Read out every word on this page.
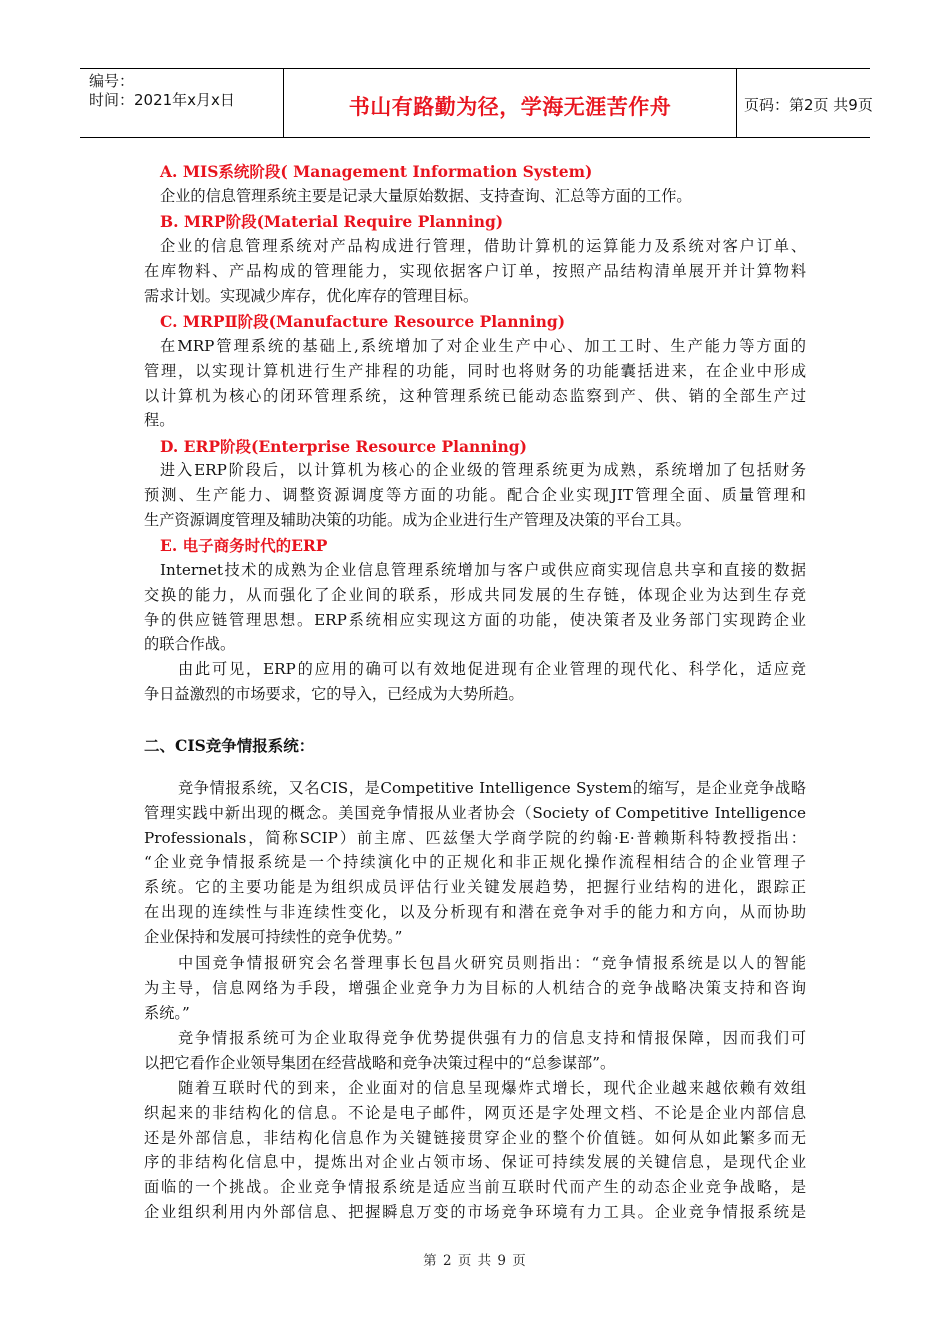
编号：
时间：2021年x月x日	书山有路勤为径，学海无涯苦作舟	页码：第2页 共9页
A. MIS系统阶段( Management Information System)
企业的信息管理系统主要是记录大量原始数据、支持查询、汇总等方面的工作。
B. MRP阶段(Material Require Planning)
企业的信息管理系统对产品构成进行管理，借助计算机的运算能力及系统对客户订单、
在库物料、产品构成的管理能力，实现依据客户订单，按照产品结构清单展开并计算物料
需求计划。实现减少库存，优化库存的管理目标。
C. MRPⅡ阶段(Manufacture Resource Planning)
在MRP管理系统的基础上,系统增加了对企业生产中心、加工工时、生产能力等方面的
管理，以实现计算机进行生产排程的功能，同时也将财务的功能囊括进来，在企业中形成
以计算机为核心的闭环管理系统，这种管理系统已能动态监察到产、供、销的全部生产过
程。
D. ERP阶段(Enterprise Resource Planning)
进入ERP阶段后，以计算机为核心的企业级的管理系统更为成熟，系统增加了包括财务
预测、生产能力、调整资源调度等方面的功能。配合企业实现JIT管理全面、质量管理和
生产资源调度管理及辅助决策的功能。成为企业进行生产管理及决策的平台工具。
E. 电子商务时代的ERP
Internet技术的成熟为企业信息管理系统增加与客户或供应商实现信息共享和直接的数据
交换的能力，从而强化了企业间的联系，形成共同发展的生存链，体现企业为达到生存竞
争的供应链管理思想。ERP系统相应实现这方面的功能，使决策者及业务部门实现跨企业
的联合作战。
由此可见，ERP的应用的确可以有效地促进现有企业管理的现代化、科学化，适应竞
争日益激烈的市场要求，它的导入，已经成为大势所趋。
二、CIS竞争情报系统：
竞争情报系统，又名CIS，是Competitive Intelligence System的缩写，是企业竞争战略
管理实践中新出现的概念。美国竞争情报从业者协会（Society of Competitive Intelligence
Professionals，简称SCIP）前主席、匹兹堡大学商学院的约翰·E·普赖斯科特教授指出：
“企业竞争情报系统是一个持续演化中的正规化和非正规化操作流程相结合的企业管理子
系统。它的主要功能是为组织成员评估行业关键发展趋势，把握行业结构的进化，跟踪正
在出现的连续性与非连续性变化，以及分析现有和潜在竞争对手的能力和方向，从而协助
企业保持和发展可持续性的竞争优势。”
中国竞争情报研究会名誉理事长包昌火研究员则指出：“竞争情报系统是以人的智能
为主导，信息网络为手段，增强企业竞争力为目标的人机结合的竞争战略决策支持和咨询
系统。”
竞争情报系统可为企业取得竞争优势提供强有力的信息支持和情报保障，因而我们可
以把它看作企业领导集团在经营战略和竞争决策过程中的“总参谋部”。
随着互联时代的到来，企业面对的信息呈现爆炸式增长，现代企业越来越依赖有效组
织起来的非结构化的信息。不论是电子邮件，网页还是字处理文档、不论是企业内部信息
还是外部信息，非结构化信息作为关键链接贯穿企业的整个价值链。如何从如此繁多而无
序的非结构化信息中，提炼出对企业占领市场、保证可持续发展的关键信息，是现代企业
面临的一个挑战。企业竞争情报系统是适应当前互联时代而产生的动态企业竞争战略，是
企业组织利用内外部信息、把握瞬息万变的市场竞争环境有力工具。企业竞争情报系统是
第 2 页 共 9 页
